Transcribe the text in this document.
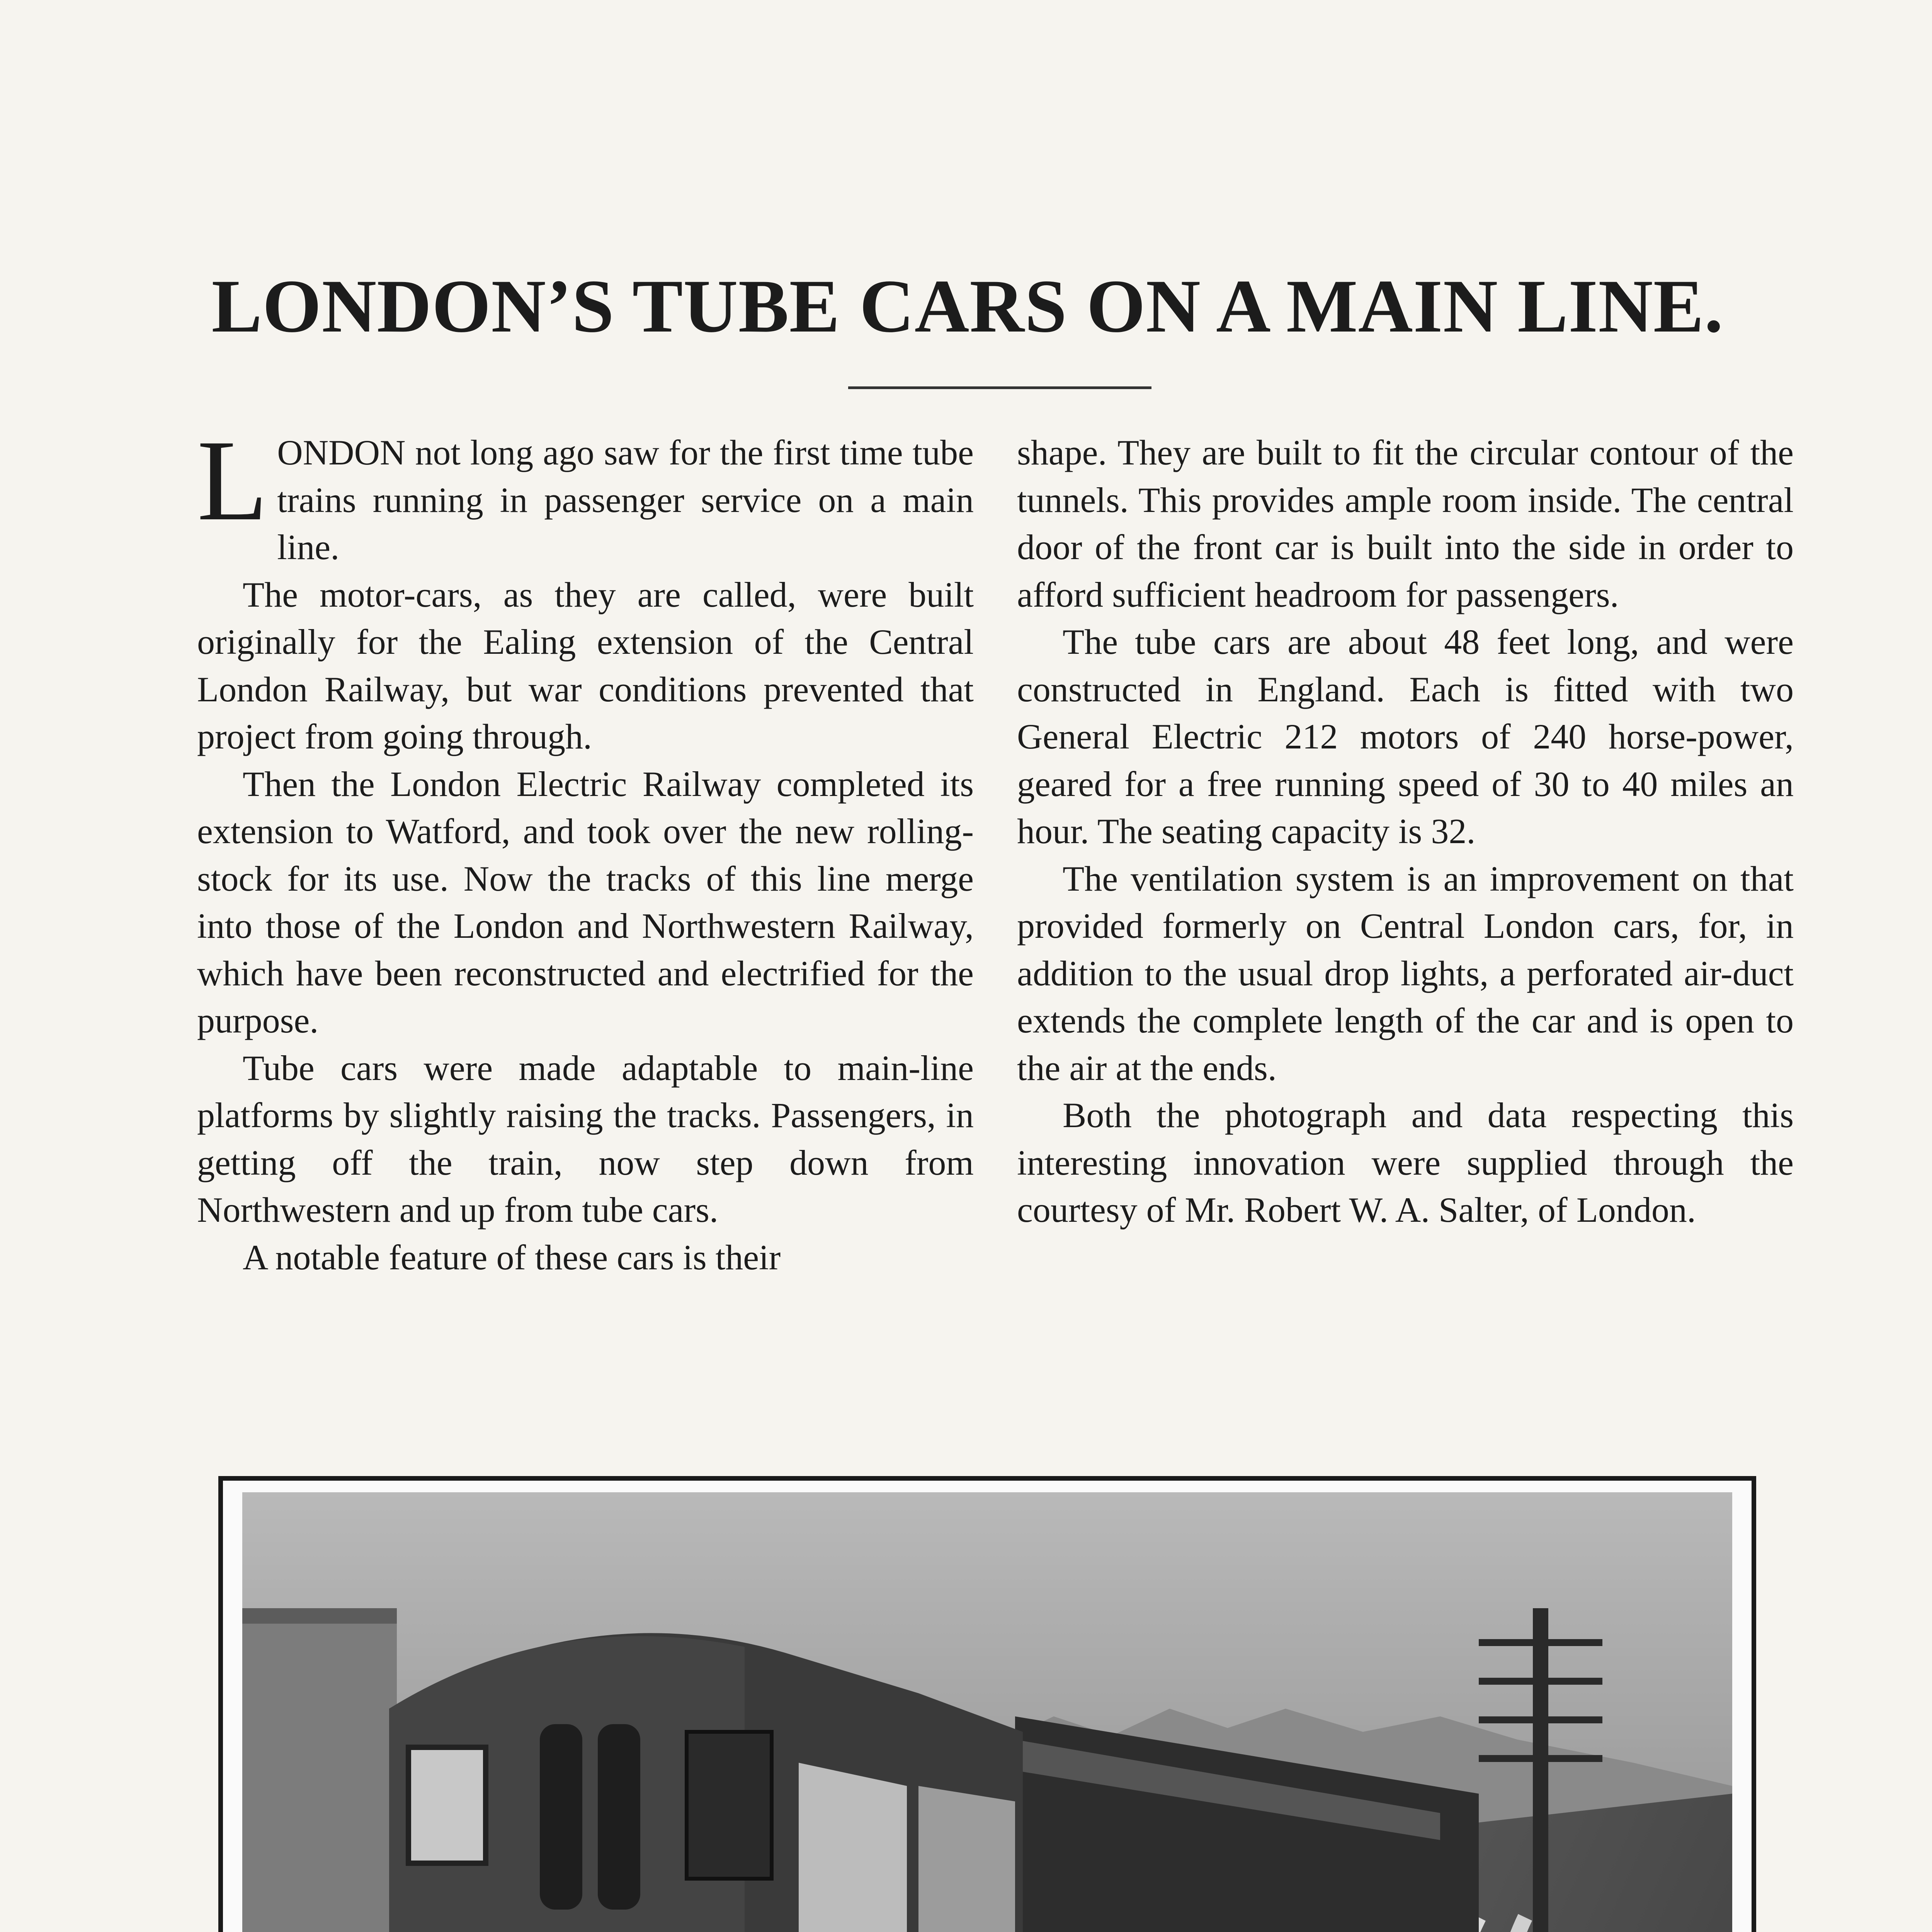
LONDON’S TUBE CARS ON A MAIN LINE.

LONDON not long ago saw for the first time tube trains running in passenger service on a main line.

The motor-cars, as they are called, were built originally for the Ealing extension of the Central London Railway, but war conditions prevented that project from going through.

Then the London Electric Railway completed its extension to Watford, and took over the new rolling-stock for its use. Now the tracks of this line merge into those of the London and Northwestern Railway, which have been reconstructed and electrified for the purpose.

Tube cars were made adaptable to main-line platforms by slightly raising the tracks. Passengers, in getting off the train, now step down from Northwestern and up from tube cars.

A notable feature of these cars is their

shape. They are built to fit the circular contour of the tunnels. This provides ample room inside. The central door of the front car is built into the side in order to afford sufficient headroom for passengers.

The tube cars are about 48 feet long, and were constructed in England. Each is fitted with two General Electric 212 motors of 240 horse-power, geared for a free running speed of 30 to 40 miles an hour. The seating capacity is 32.

The ventilation system is an improvement on that provided formerly on Central London cars, for, in addition to the usual drop lights, a perforated air-duct extends the complete length of the car and is open to the air at the ends.

Both the photograph and data respecting this interesting innovation were supplied through the courtesy of Mr. Robert W. A. Salter, of London.
